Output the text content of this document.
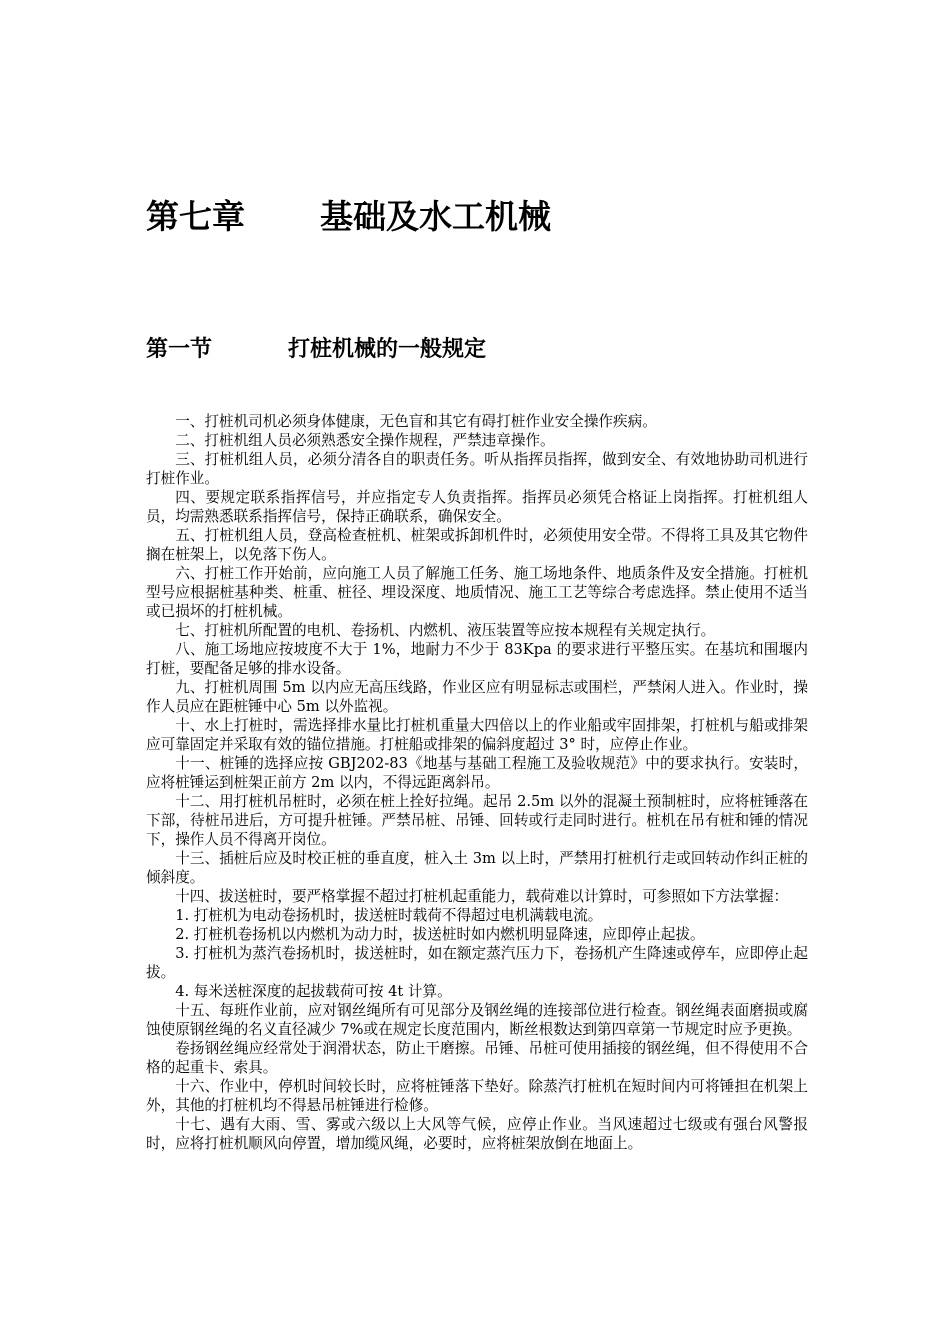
第七章 基础及水工机械
第一节	打桩机械的一般规定

一、打桩机司机必须身体健康，无色盲和其它有碍打桩作业安全操作疾病。

二、打桩机组人员必须熟悉安全操作规程，严禁违章操作。

三、打桩机组人员，必须分清各自的职责任务。听从指挥员指挥，做到安全、有效地协助司机进行打桩作业。

四、要规定联系指挥信号，并应指定专人负责指挥。指挥员必须凭合格证上岗指挥。打桩机组人员，均需熟悉联系指挥信号，保持正确联系，确保安全。

五、打桩机组人员，登高检查桩机、桩架或拆卸机件时，必须使用安全带。不得将工具及其它物件搁在桩架上，以免落下伤人。

六、打桩工作开始前，应向施工人员了解施工任务、施工场地条件、地质条件及安全措施。打桩机型号应根据桩基种类、桩重、桩径、埋设深度、地质情况、施工工艺等综合考虑选择。禁止使用不适当或已损坏的打桩机械。

七、打桩机所配置的电机、卷扬机、内燃机、液压装置等应按本规程有关规定执行。

八、施工场地应按坡度不大于 1%，地耐力不少于 83Kpa 的要求进行平整压实。在基坑和围堰内打桩，要配备足够的排水设备。

九、打桩机周围 5m 以内应无高压线路，作业区应有明显标志或围栏，严禁闲人进入。作业时，操作人员应在距桩锤中心 5m 以外监视。

十、水上打桩时，需选择排水量比打桩机重量大四倍以上的作业船或牢固排架，打桩机与船或排架应可靠固定并采取有效的锚位措施。打桩船或排架的偏斜度超过 3° 时，应停止作业。

十一、桩锤的选择应按 GBJ202-83《地基与基础工程施工及验收规范》中的要求执行。安装时，应将桩锤运到桩架正前方 2m 以内，不得远距离斜吊。

十二、用打桩机吊桩时，必须在桩上拴好拉绳。起吊 2.5m 以外的混凝土预制桩时，应将桩锤落在下部，待桩吊进后，方可提升桩锤。严禁吊桩、吊锤、回转或行走同时进行。桩机在吊有桩和锤的情况下，操作人员不得离开岗位。

十三、插桩后应及时校正桩的垂直度，桩入土 3m 以上时，严禁用打桩机行走或回转动作纠正桩的倾斜度。

十四、拔送桩时，要严格掌握不超过打桩机起重能力，载荷难以计算时，可参照如下方法掌握：

1. 打桩机为电动卷扬机时，拔送桩时载荷不得超过电机满载电流。

2. 打桩机卷扬机以内燃机为动力时，拔送桩时如内燃机明显降速，应即停止起拔。

3. 打桩机为蒸汽卷扬机时，拔送桩时，如在额定蒸汽压力下，卷扬机产生降速或停车，应即停止起拔。

4. 每米送桩深度的起拔载荷可按 4t 计算。

十五、每班作业前，应对钢丝绳所有可见部分及钢丝绳的连接部位进行检查。钢丝绳表面磨损或腐蚀使原钢丝绳的名义直径减少 7%或在规定长度范围内，断丝根数达到第四章第一节规定时应予更换。

卷扬钢丝绳应经常处于润滑状态，防止干磨擦。吊锤、吊桩可使用插接的钢丝绳，但不得使用不合格的起重卡、索具。

十六、作业中，停机时间较长时，应将桩锤落下垫好。除蒸汽打桩机在短时间内可将锤担在机架上外，其他的打桩机均不得悬吊桩锤进行检修。

十七、遇有大雨、雪、雾或六级以上大风等气候，应停止作业。当风速超过七级或有强台风警报时，应将打桩机顺风向停置，增加缆风绳，必要时，应将桩架放倒在地面上。
